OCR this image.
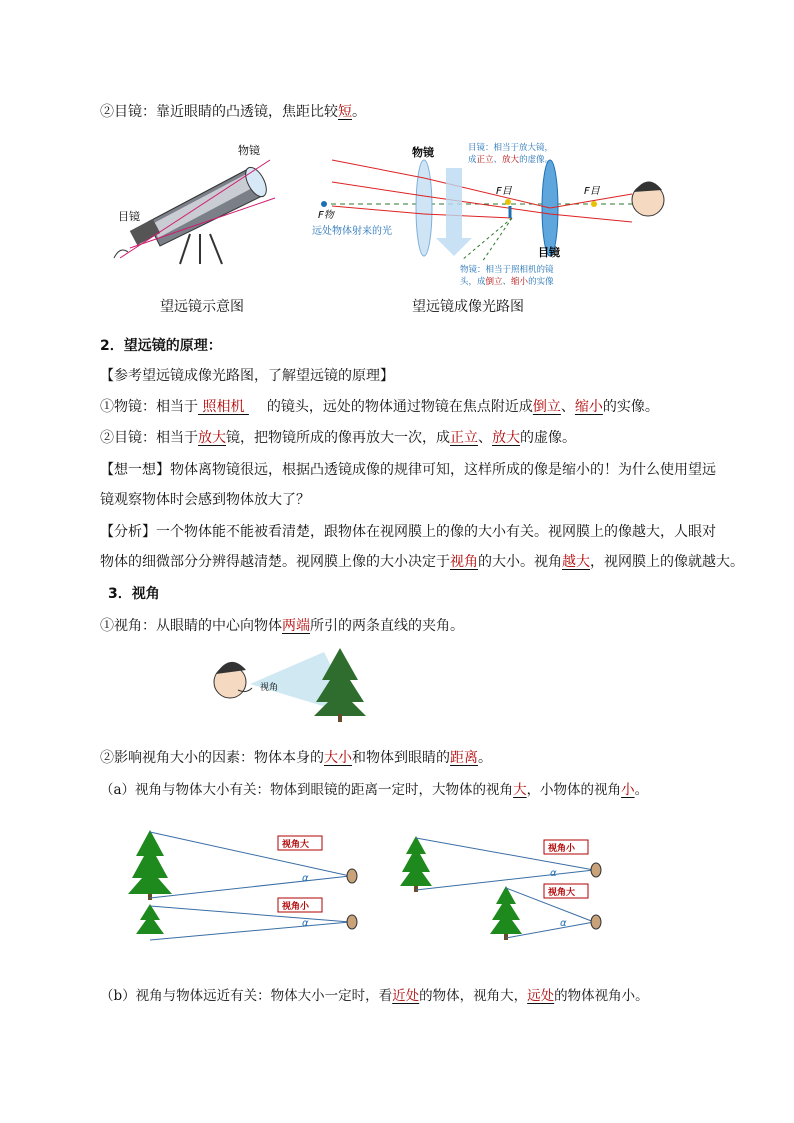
②目镜：靠近眼睛的凸透镜，焦距比较短。
物镜
目镜
望远镜示意图
物镜
目镜
F物
F目	F目
远处物体射来的光
目镜：相当于放大镜，
成正立、放大的虚像。
物镜：相当于照相机的镜
头，成倒立、缩小的实像
望远镜成像光路图
2．望远镜的原理：
【参考望远镜成像光路图，了解望远镜的原理】
①物镜：相当于 照相机 的镜头，远处的物体通过物镜在焦点附近成倒立、缩小的实像。
②目镜：相当于放大镜，把物镜所成的像再放大一次，成正立、放大的虚像。
【想一想】物体离物镜很远，根据凸透镜成像的规律可知，这样所成的像是缩小的！为什么使用望远
镜观察物体时会感到物体放大了？
【分析】一个物体能不能被看清楚，跟物体在视网膜上的像的大小有关。视网膜上的像越大，人眼对
物体的细微部分分辨得越清楚。视网膜上像的大小决定于视角的大小。视角越大，视网膜上的像就越大。
3．视角
①视角：从眼睛的中心向物体两端所引的两条直线的夹角。
视角
②影响视角大小的因素：物体本身的大小和物体到眼睛的距离。
（a）视角与物体大小有关：物体到眼镜的距离一定时，大物体的视角大，小物体的视角小。
α
视角大
α
视角小
α
视角小
α
视角大
（b）视角与物体远近有关：物体大小一定时，看近处的物体，视角大，远处的物体视角小。
